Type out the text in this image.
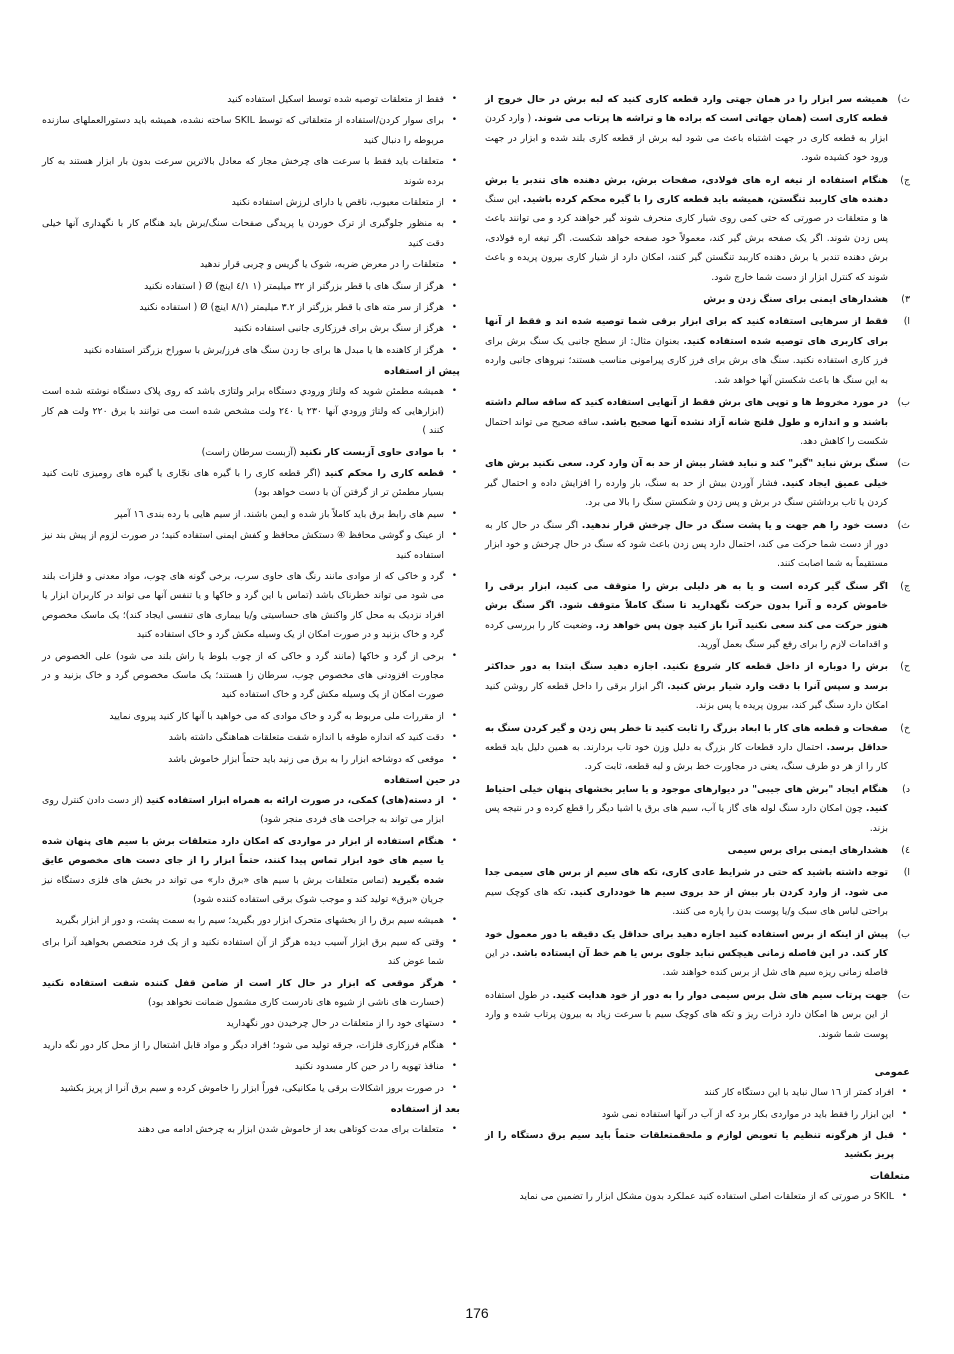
ث)
همیشه سر ابزار را در همان جهتی وارد قطعه کاری کنید که لبه برش در حال خروج از قطعه کاری است (همان جهاتی است که براده ها و تراشه ها پرتاب می شوند. ( وارد کردن ابزار به قطعه کاری در جهت اشتباه باعث می شود لبه برش از قطعه کاری بلند شده و ابزار در جهت ورود خود کشیده شود.
ج)
هنگام استفاده از تیغه اره های فولادی، صفحات برش، برش دهنده های تندبر یا برش دهنده های کارببد تنگستن، همیشه باید قطعه کاری را با گیره محکم کرده باشید. این سنگ ها و متعلقات در صورتی که حتی کمی روی شیار کاری منحرف شوند گیر خواهند کرد و می توانند باعث پس زدن شوند. اگر یک صفحه برش گیر کند، معمولاً خود صفحه خواهد شکست. اگر تیغه اره فولادی، برش دهنده تندبر یا برش دهنده کارببد تنگستن گیر کنند، امکان دارد از شیار کاری بیرون پریده و باعث شوند که کنترل ابزار از دست شما خارج شود.
۳)
هشدارهای ایمنی برای سنگ زدن و برش
ا)
فقط از سرهایی استفاده کنید که برای ابزار برقی شما توصیه شده اند و فقط از آنها برای کاربری های توصیه شده استفاده کنید. بعنوان مثال: از سطح جانبی یک سنگ برش برای فرز کاری استفاده نکنید. سنگ های برش برای فرز کاری پیرامونی مناسب هستند؛ نیروهای جانبی وارده به این سنگ ها باعث شکستن آنها خواهد شد.
ب)
در مورد مخروط ها و توپی های برش فقط از آنهایی استفاده کنید که ساقه سالم داشته باشند و و اندازه و طول فلنج شانه آزاد نشده آنها صحیح باشد. ساقه صحیح می تواند احتمال شکست را کاهش دهد.
ت)
سنگ برش نباید "گیر" کند و نباید فشار بیش از حد به آن وارد کرد. سعی نکنید برش های خیلی عمیق ایجاد کنید. فشار آوردن بیش از حد به سنگ، بار وارده را افزایش داده و احتمال گیر کردن یا تاب برداشتن سنگ در برش و پس زدن و شکستن سنگ را بالا می برد.
ث)
دست خود را هم جهت و یا پشت سنگ در حال چرخش قرار ندهید. اگر سنگ در حال کار به دور از دست شما حرکت می کند، احتمال دارد پس زدن باعث شود که سنگ در حال چرخش و خود ابزار مستقیماً به شما اصابت کنند.
ج)
اگر سنگ گیر کرده است و یا به هر دلیلی برش را متوقف می کنید، ابزار برقی را خاموش کرده و آنرا بدون حرکت نگهدارید تا سنگ کاملاً متوقف شود. اگر سنگ برش هنوز حرکت می کند سعی نکنید آنرا باز کنید چون پس خواهد زد. وضعیت کار را بررسی کرده و اقدامات لازم را برای رفع گیر سنگ بعمل آورید.
ح)
برش را دوباره از داخل قطعه کار شروع نکنید. اجازه دهید سنگ ابتدا به دور حداکثر برسد و سپس آنرا با دقت وارد شیار برش کنید. اگر ابزار برقی را داخل قطعه کار روشن کنید امکان دارد سنگ گیر کند، بیرون پریده یا پس بزند.
خ)
صفحات و قطعه های کار با ابعاد بزرگ را ثابت کنید تا خطر پس زدن و گیر کردن سنگ به حداقل برسد. احتمال دارد قطعات کار بزرگ به دلیل وزن خود تاب بردارند. به همین دلیل باید قطعه کار را از هر دو طرف سنگ، یعنی در مجاورت خط برش و لبه قطعه، ثابت کرد.
د)
هنگام ایجاد "برش های جیبی" در دیوارهای موجود و یا سایر بخشهای پنهان خیلی احتیاط کنید. چون امکان دارد سنگ لوله های گاز یا آب، سیم های برق یا اشیا دیگر را قطع کرده و در نتیجه پس بزند.
٤)
هشدارهای ایمنی برای برس سیمی
ا)
توجه داشته باشید که حتی در شرایط عادی کاری، تکه های سیم از برس های سیمی جدا می شود. از وارد کردن بار بیش از حد بروی سیم ها خودداری کنید. تکه های کوچک سیم براحتی لباس های سبک و/یا پوست بدن را پاره می کنند.
ب)
پیش از اینکه از برس استفاده کنید اجازه دهید برای حداقل یک دقیقه با دور معمول خود کار کند. در این فاصله زمانی هیچکس نباید جلوی برس یا هم خط آن ایستاده باشد. در این فاصله زمانی ریزه سیم های شل از برس کنده خواهند شد.
ت)
جهت پرتاب سیم های شل برس سیمی دوار را به دور از خود هدایت کنید. در طول استفاده از این برس ها امکان دارد ذرات ریز و تکه های کوچک سیم با سرعت زیاد به بیرون پرتاب شده و وارد پوست شما شوند.
عمومی
• افراد کمتر از ۱٦ سال نباید با این دستگاه کار کنند
• این ابزار را فقط باید در مواردی بکار برد که از آب در آنها استفاده نمی شود
• قبل از هرگونه تنظیم یا تعویض لوازم و ملحقمتعلقات حتماً باید سیم برق دستگاه را از پریز بکشید
متعلقات
• SKIL در صورتی که از متعلقات اصلی استفاده کنید عملکرد بدون مشکل ابزار را تضمین می نماید
• فقط از متعلقات توصیه شده توسط اسکیل استفاده کنید
• برای سوار کردن/استفاده از متعلقاتی که توسط SKIL ساخته نشده، همیشه باید دستورالعملهای سازنده مربوطه را دنبال کنید
• متعلقات باید فقط با سرعت های چرخش مجاز که معادل بالاترین سرعت بدون بار ابزار هستند به کار برده شوند
• از متعلقات معیوب، ناقص یا دارای لرزش استفاده نکنید
• به منظور جلوگیری از ترک خوردن یا پریدگی صفحات سنگ/برش باید هنگام کار با نگهداری آنها خیلی دقت کنید
• متعلقات را در معرض ضربه، شوک یا گریس و چربی قرار ندهید
• هرگز از سنگ های با قطر بزرگتر از ۳۲ میلیمتر (۱ ٤/۱ اینچ) Ø ( استفاده نکنید
• هرگز از سر مته های با قطر بزرگتر از ۳.۲ میلیمتر (۸/۱ اینچ) Ø ( استفاده نکنید
• هرگز از سنگ برش برای فرزکاری جانبی استفاده نکنید
• هرگز از کاهنده ها یا مبدل ها برای جا زدن سنگ های فرز/برش با سوراخ بزرگتر استفاده نکنید
پیش از استفاده
• همیشه مطمئن شوید که ولتاژ ورودي دستگاه برابر ولتاژی باشد که روی پلاک دستگاه نوشته شده است (ابزارهایی که ولتاژ ورودي آنها ۲۳۰ یا ۲٤۰ ولت مشخص شده است می توانند با برق ۲۲۰ ولت هم کار کنند )
• با موادی حاوی آزبست کار نکنید (آزبست سرطان زاست)
• قطعه کاری را محکم کنید (اگر قطعه کاری را با گیره های نجّاری یا گیره های رومیزی ثابت کنید بسیار مطمئن تر از گرفتن آن با دست خواهد بود)
• سیم های رابط برق باید کاملاً باز شده و ایمن باشند. از سیم هایی با رده بندی ۱٦ آمپر
• از عینک و گوشی محافظ ④ دستکش محافظ و کفش ایمنی استفاده کنید؛ در صورت لزوم از پیش بند نیز استفاده کنید
• گرد و خاکی که از موادی مانند رنگ های حاوی سرب، برخی گونه های چوب، مواد معدنی و فلزات بلند می شود می تواند خطرناک باشد (تماس با این گرد و خاکها و یا تنفس آنها می تواند در کاربران ابزار یا افراد نزدیک به محل کار واکنش های حساسیتی و/یا بیماری های تنفسی ایجاد کند)؛ یک ماسک مخصوص گرد و خاک بزنید و در صورت امکان از یک وسیله مکش گرد و خاک استفاده کنید
• برخی از گرد و خاکها (مانند گرد و خاکی که از چوب بلوط یا راش بلند می شود) علی الخصوص در مجاورت افزودنی های مخصوص چوب، سرطان زا هستند؛ یک ماسک مخصوص گرد و خاک بزنید و در صورت امکان از یک وسیله مکش گرد و خاک استفاده کنید
• از مقررات ملی مربوط به گرد و خاک موادی که می خواهید با آنها کار کنید پیروی نمایید
• دقت کنید که اندازه طوقه با اندازه شفت متعلقات هماهنگی داشته باشد
• موقعی که دوشاخه ابزار را به برق می زنید باید حتماً ابزار خاموش باشد
در حین استفاده
• از دسته(های) کمکی، در صورت ارائه به همراه ابزار استفاده کنید (از دست دادن کنترل روی ابزار می تواند به جراحت های فردی منجر شود)
• هنگام استفاده از ابزار در مواردی که امکان دارد متعلقات برش با سیم های پنهان شده یا سیم های خود ابزار تماس پیدا کنند، حتماً ابزار را از جای دست های مخصوص عایق شده بگیرید (تماس متعلقات برش با سیم های «برق دار» می تواند در بخش های فلزی دستگاه نیز جریان «برق» تولید کند و موجب شوک برقی استفاده کننده شود)
• همیشه سیم برق را از بخشهای متحرک ابزار دور بگیرید؛ سیم را به سمت پشت، و دور از ابزار بگیرید
• وقتی که سیم برق ابزار آسیب دیده هرگز از آن استفاده نکنید و از یک فرد متخصص بخواهید آنرا برای شما عوض کند
• هرگز موقعی که ابزار در حال کار است از ضامن قفل کننده شفت استفاده نکنید (خسارت های ناشی از شیوه های نادرست کاری مشمول ضمانت نخواهد بود)
• دستهای خود را از متعلقات در حال چرخیدن دور نگهدارید
• هنگام فرزکاری فلزات، جرقه تولید می شود؛ افراد دیگر و مواد قابل اشتعال را از محل کار دور نگه دارید
• منافذ تهویه را در حین کار مسدود نکنید
• در صورت بروز اشکالات برقی یا مکانیکی، فوراً ابزار را خاموش کرده و سیم برق آنرا از پریز بکشید
بعد از استفاده
• متعلقات برای مدت کوتاهی بعد از خاموش شدن ابزار به چرخش ادامه می دهند
176
